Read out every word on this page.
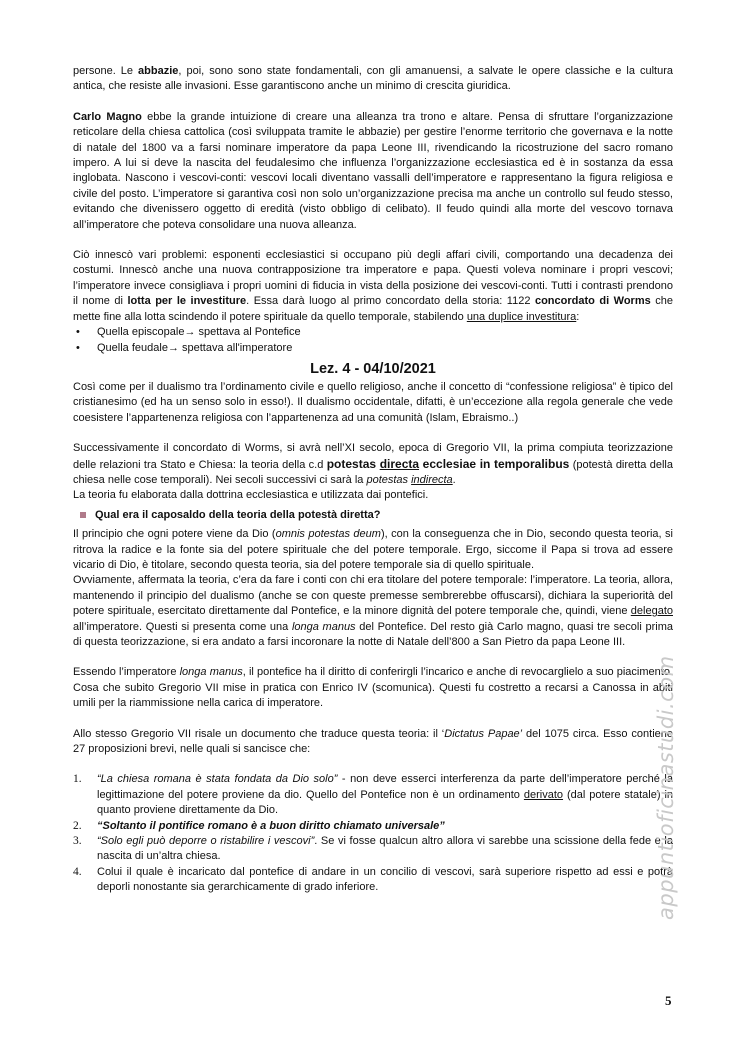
persone. Le abbazie, poi, sono sono state fondamentali, con gli amanuensi, a salvate le opere classiche e la cultura antica, che resiste alle invasioni. Esse garantiscono anche un minimo di crescita giuridica.

Carlo Magno ebbe la grande intuizione di creare una alleanza tra trono e altare. Pensa di sfruttare l’organizzazione reticolare della chiesa cattolica (così sviluppata tramite le abbazie) per gestire l’enorme territorio che governava e la notte di natale del 1800 va a farsi nominare imperatore da papa Leone III, rivendicando la ricostruzione del sacro romano impero. A lui si deve la nascita del feudalesimo che influenza l’organizzazione ecclesiastica ed è in sostanza da essa inglobata. Nascono i vescovi-conti: vescovi locali diventano vassalli dell’imperatore e rappresentano la figura religiosa e civile del posto. L’imperatore si garantiva così non solo un’organizzazione precisa ma anche un controllo sul feudo stesso, evitando che divenissero oggetto di eredità (visto obbligo di celibato). Il feudo quindi alla morte del vescovo tornava all’imperatore che poteva consolidare una nuova alleanza.

Ciò innescò vari problemi: esponenti ecclesiastici si occupano più degli affari civili, comportando una decadenza dei costumi. Innescò anche una nuova contrapposizione tra imperatore e papa. Questi voleva nominare i propri vescovi; l’imperatore invece consigliava i propri uomini di fiducia in vista della posizione dei vescovi-conti. Tutti i contrasti prendono il nome di lotta per le investiture. Essa darà luogo al primo concordato della storia: 1122 concordato di Worms che mette fine alla lotta scindendo il potere spirituale da quello temporale, stabilendo una duplice investitura:

• Quella episcopale→ spettava al Pontefice
• Quella feudale→ spettava all'imperatore
Lez. 4 - 04/10/2021

Così come per il dualismo tra l’ordinamento civile e quello religioso, anche il concetto di “confessione religiosa” è tipico del cristianesimo (ed ha un senso solo in esso!). Il dualismo occidentale, difatti, è un’eccezione alla regola generale che vede coesistere l’appartenenza religiosa con l’appartenenza ad una comunità (Islam, Ebraismo..)

Successivamente il concordato di Worms, si avrà nell’XI secolo, epoca di Gregorio VII, la prima compiuta teorizzazione delle relazioni tra Stato e Chiesa: la teoria della c.d potestas directa ecclesiae in temporalibus (potestà diretta della chiesa nelle cose temporali). Nei secoli successivi ci sarà la potestas indirecta.

La teoria fu elaborata dalla dottrina ecclesiastica e utilizzata dai pontefici.

Qual era il caposaldo della teoria della potestà diretta?

Il principio che ogni potere viene da Dio (omnis potestas deum), con la conseguenza che in Dio, secondo questa teoria, si ritrova la radice e la fonte sia del potere spirituale che del potere temporale. Ergo, siccome il Papa si trova ad essere vicario di Dio, è titolare, secondo questa teoria, sia del potere temporale sia di quello spirituale.

Ovviamente, affermata la teoria, c’era da fare i conti con chi era titolare del potere temporale: l’imperatore. La teoria, allora, mantenendo il principio del dualismo (anche se con queste premesse sembrerebbe offuscarsi), dichiara la superiorità del potere spirituale, esercitato direttamente dal Pontefice, e la minore dignità del potere temporale che, quindi, viene delegato all’imperatore. Questi si presenta come una longa manus del Pontefice. Del resto già Carlo magno, quasi tre secoli prima di questa teorizzazione, si era andato a farsi incoronare la notte di Natale dell’800 a San Pietro da papa Leone III.

Essendo l’imperatore longa manus, il pontefice ha il diritto di conferirgli l’incarico e anche di revocarglielo a suo piacimento. Cosa che subito Gregorio VII mise in pratica con Enrico IV (scomunica). Questi fu costretto a recarsi a Canossa in abiti umili per la riammissione nella carica di imperatore.

Allo stesso Gregorio VII risale un documento che traduce questa teoria: il ‘Dictatus Papae’ del 1075 circa. Esso contiene 27 proposizioni brevi, nelle quali si sancisce che:

1. “La chiesa romana è stata fondata da Dio solo” - non deve esserci interferenza da parte dell’imperatore perché la legittimazione del potere proviene da dio. Quello del Pontefice non è un ordinamento derivato (dal potere statale) in quanto proviene direttamente da Dio.
2. “Soltanto il pontifice romano è a buon diritto chiamato universale”
3. “Solo egli può deporre o ristabilire i vescovi”. Se vi fosse qualcun altro allora vi sarebbe una scissione della fede e la nascita di un’altra chiesa.
4. Colui il quale è incaricato dal pontefice di andare in un concilio di vescovi, sarà superiore rispetto ad essi e potrà deporli nonostante sia gerarchicamente di grado inferiore.	appuntioficinastudi.com
5
